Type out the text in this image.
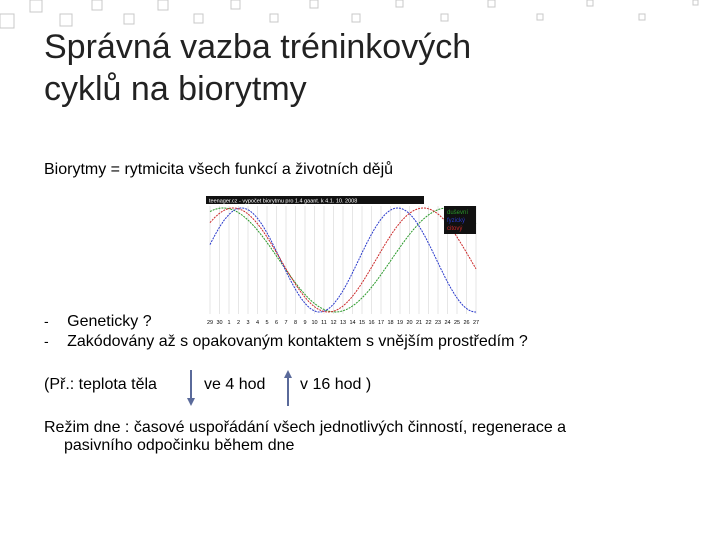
Správná vazba tréninkových
cyklů na biorytmy
Biorytmy = rytmicita všech funkcí a životních dějů
teenager.cz - vypočet biorytmu pro 1.4 gaant. k 4.1. 10. 2008
29 30 1 2 3 4 5 6 7 8 9 10 11 12 13 14 15 16 17 18 19 20 21 22 23 24 25 26 27
duševní
fyzický
citový
- Geneticky ?
- Zakódovány až s opakovaným kontaktem s vnějším prostředím ?
(Př.: teplota těla	ve 4 hod v 16 hod )
Režim dne : časové uspořádání všech jednotlivých činností, regenerace a
pasivního odpočinku během dne
